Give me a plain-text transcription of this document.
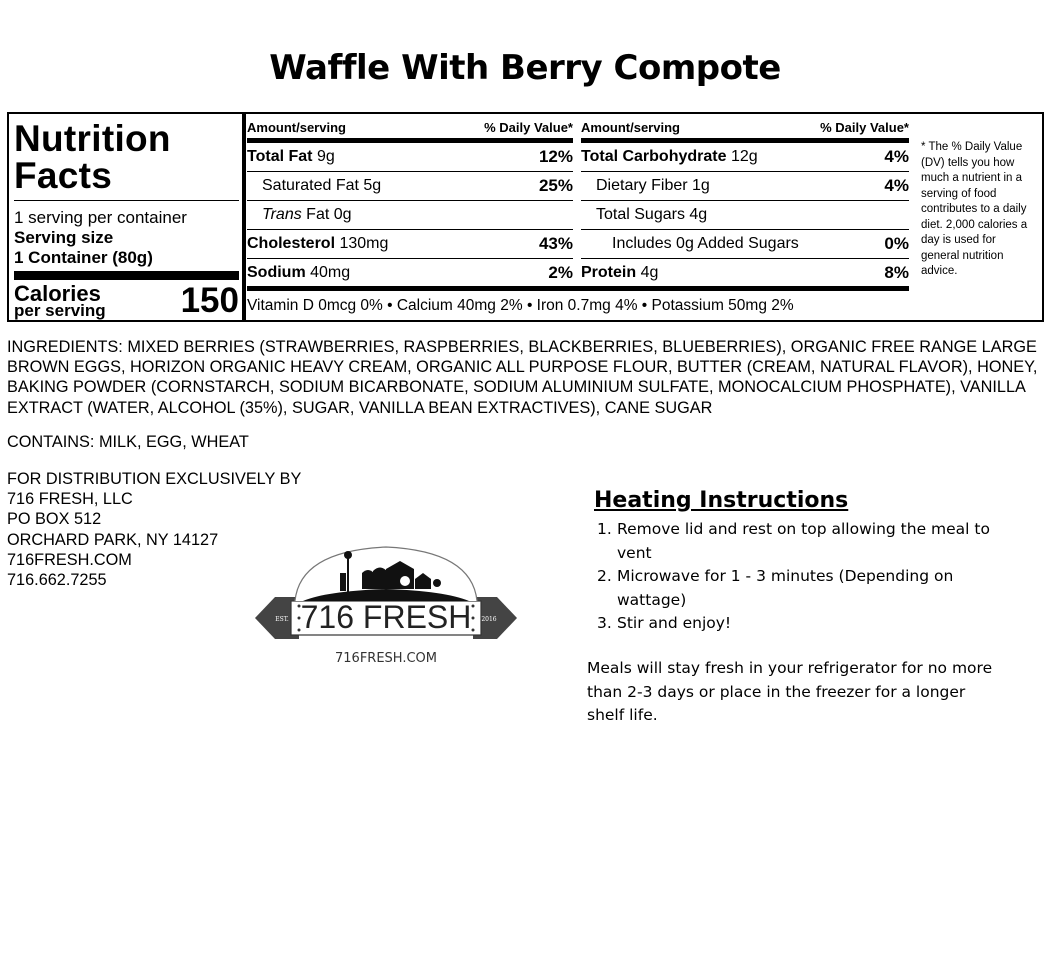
Waffle With Berry Compote
Nutrition Facts
1 serving per container
Serving size
1 Container (80g)
Calories
per serving 150
Amount/serving	% Daily Value*
Total Fat 9g	12%
Saturated Fat 5g	25%
Trans Fat 0g
Cholesterol 130mg	43%
Sodium 40mg	2%
Amount/serving	% Daily Value*
Total Carbohydrate 12g	4%
Dietary Fiber 1g	4%
Total Sugars 4g
Includes 0g Added Sugars	0%
Protein 4g	8%
Vitamin D 0mcg 0% • Calcium 40mg 2% • Iron 0.7mg 4% • Potassium 50mg 2%
* The % Daily Value (DV) tells you how much a nutrient in a serving of food contributes to a daily diet. 2,000 calories a day is used for general nutrition advice.
INGREDIENTS: MIXED BERRIES (STRAWBERRIES, RASPBERRIES, BLACKBERRIES, BLUEBERRIES), ORGANIC FREE RANGE LARGE BROWN EGGS, HORIZON ORGANIC HEAVY CREAM, ORGANIC ALL PURPOSE FLOUR, BUTTER (CREAM, NATURAL FLAVOR), HONEY, BAKING POWDER (CORNSTARCH, SODIUM BICARBONATE, SODIUM ALUMINIUM SULFATE, MONOCALCIUM PHOSPHATE), VANILLA EXTRACT (WATER, ALCOHOL (35%), SUGAR, VANILLA BEAN EXTRACTIVES), CANE SUGAR
CONTAINS: MILK, EGG, WHEAT
FOR DISTRIBUTION EXCLUSIVELY BY
716 FRESH, LLC
PO BOX 512
ORCHARD PARK, NY 14127
716FRESH.COM
716.662.7255
716 FRESH
EST.	2016
716FRESH.COM
Heating Instructions
1. Remove lid and rest on top allowing the meal to vent
2. Microwave for 1 - 3 minutes (Depending on wattage)
3. Stir and enjoy!
Meals will stay fresh in your refrigerator for no more than 2-3 days or place in the freezer for a longer shelf life.
